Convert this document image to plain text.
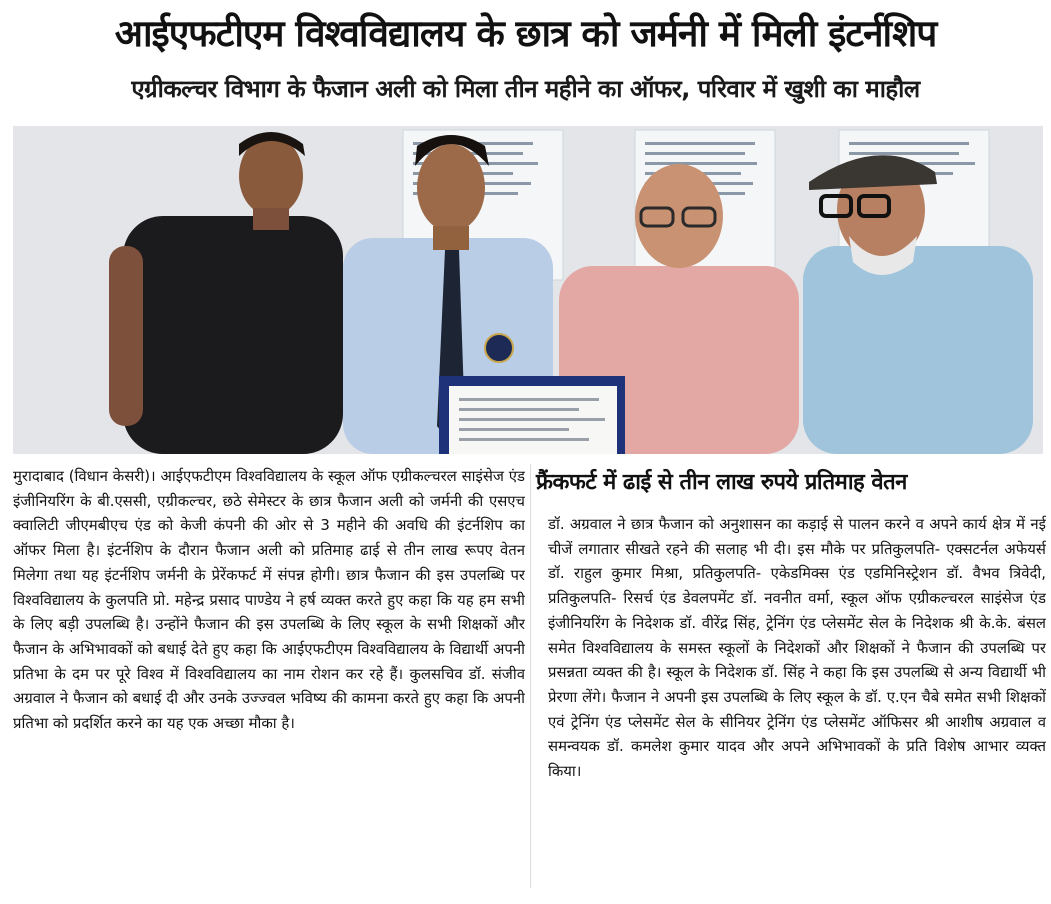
आईएफटीएम विश्वविद्यालय के छात्र को जर्मनी में मिली इंटर्नशिप
एग्रीकल्चर विभाग के फैजान अली को मिला तीन महीने का ऑफर, परिवार में खुशी का माहौल
मुरादाबाद (विधान केसरी)। आईएफटीएम विश्वविद्यालय के स्कूल ऑफ एग्रीकल्चरल साइंसेज एंड इंजीनियरिंग के बी.एससी, एग्रीकल्चर, छठे सेमेस्टर के छात्र फैजान अली को जर्मनी की एसएच क्वालिटी जीएमबीएच एंड को केजी कंपनी की ओर से 3 महीने की अवधि की इंटर्नशिप का ऑफर मिला है। इंटर्नशिप के दौरान फैजान अली को प्रतिमाह ढाई से तीन लाख रूपए वेतन मिलेगा तथा यह इंटर्नशिप जर्मनी के प्रेरेंकफर्ट में संपन्न होगी। छात्र फैजान की इस उपलब्धि पर विश्वविद्यालय के कुलपति प्रो. महेन्द्र प्रसाद पाण्डेय ने हर्ष व्यक्त करते हुए कहा कि यह हम सभी के लिए बड़ी उपलब्धि है। उन्होंने फैजान की इस उपलब्धि के लिए स्कूल के सभी शिक्षकों और फैजान के अभिभावकों को बधाई देते हुए कहा कि आईएफटीएम विश्वविद्यालय के विद्यार्थी अपनी प्रतिभा के दम पर पूरे विश्व में विश्वविद्यालय का नाम रोशन कर रहे हैं। कुलसचिव डॉ. संजीव अग्रवाल ने फैजान को बधाई दी और उनके उज्ज्वल भविष्य की कामना करते हुए कहा कि अपनी प्रतिभा को प्रदर्शित करने का यह एक अच्छा मौका है।
फ्रैंकफर्ट में ढाई से तीन लाख रुपये प्रतिमाह वेतन
डॉ. अग्रवाल ने छात्र फैजान को अनुशासन का कड़ाई से पालन करने व अपने कार्य क्षेत्र में नई चीजें लगातार सीखते रहने की सलाह भी दी। इस मौके पर प्रतिकुलपति- एक्सटर्नल अफेयर्स डॉ. राहुल कुमार मिश्रा, प्रतिकुलपति- एकेडमिक्स एंड एडमिनिस्ट्रेशन डॉ. वैभव त्रिवेदी, प्रतिकुलपति- रिसर्च एंड डेवलपमेंट डॉ. नवनीत वर्मा, स्कूल ऑफ एग्रीकल्चरल साइंसेज एंड इंजीनियरिंग के निदेशक डॉ. वीरेंद्र सिंह, ट्रेनिंग एंड प्लेसमेंट सेल के निदेशक श्री के.के. बंसल समेत विश्वविद्यालय के समस्त स्कूलों के निदेशकों और शिक्षकों ने फैजान की उपलब्धि पर प्रसन्नता व्यक्त की है। स्कूल के निदेशक डॉ. सिंह ने कहा कि इस उपलब्धि से अन्य विद्यार्थी भी प्रेरणा लेंगे। फैजान ने अपनी इस उपलब्धि के लिए स्कूल के डॉ. ए.एन चैबे समेत सभी शिक्षकों एवं ट्रेनिंग एंड प्लेसमेंट सेल के सीनियर ट्रेनिंग एंड प्लेसमेंट ऑफिसर श्री आशीष अग्रवाल व समन्वयक डॉ. कमलेश कुमार यादव और अपने अभिभावकों के प्रति विशेष आभार व्यक्त किया।
